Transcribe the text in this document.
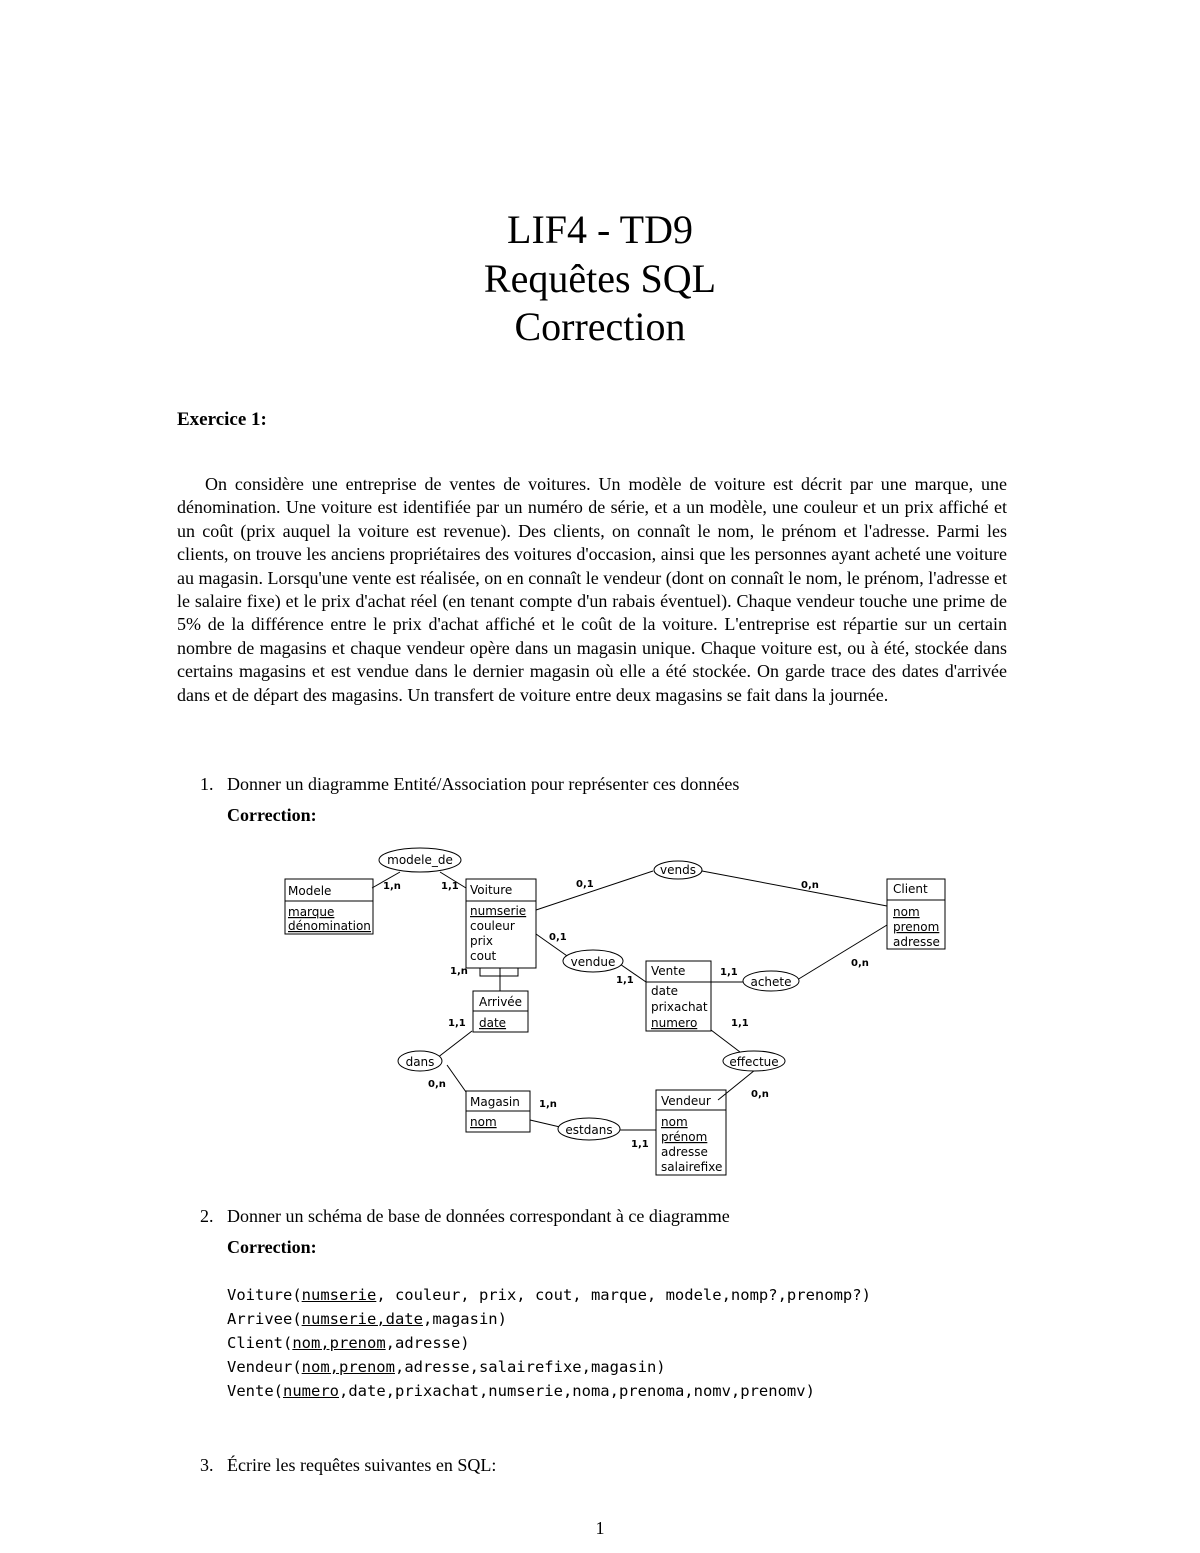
LIF4 - TD9
Requêtes SQL
Correction
Exercice 1:

On considère une entreprise de ventes de voitures. Un modèle de voiture est décrit par une marque, une dénomination. Une voiture est identifiée par un numéro de série, et a un modèle, une couleur et un prix affiché et un coût (prix auquel la voiture est revenue). Des clients, on connaît le nom, le prénom et l'adresse. Parmi les clients, on trouve les anciens propriétaires des voitures d'occasion, ainsi que les personnes ayant acheté une voiture au magasin. Lorsqu'une vente est réalisée, on en connaît le vendeur (dont on connaît le nom, le prénom, l'adresse et le salaire fixe) et le prix d'achat réel (en tenant compte d'un rabais éventuel). Chaque vendeur touche une prime de 5% de la différence entre le prix d'achat affiché et le coût de la voiture. L'entreprise est répartie sur un certain nombre de magasins et chaque vendeur opère dans un magasin unique. Chaque voiture est, ou à été, stockée dans certains magasins et est vendue dans le dernier magasin où elle a été stockée. On garde trace des dates d'arrivée dans et de départ des magasins. Un transfert de voiture entre deux magasins se fait dans la journée.

1. Donner un diagramme Entité/Association pour représenter ces données
Correction:
modele_de
vends
vendue
achete
dans	effectue
estdans
Modele
marque
dénomination
Voiture
numserie
couleur
prix
cout
Client
nom
prenom
adresse
Vente
date
prixachat
numero
Arrivée
date
Magasin
nom
Vendeur
nom
prénom
adresse
salairefixe
1,n	1,1	0,1	0,n
0,1
1,1
1,1
0,n
1,n
1,1
0,n
1,n
1,1
1,1
0,n
2. Donner un schéma de base de données correspondant à ce diagramme
Correction:
Voiture(numserie, couleur, prix, cout, marque, modele,nomp?,prenomp?)
Arrivee(numserie,date,magasin)
Client(nom,prenom,adresse)
Vendeur(nom,prenom,adresse,salairefixe,magasin)
Vente(numero,date,prixachat,numserie,noma,prenoma,nomv,prenomv)
3. Écrire les requêtes suivantes en SQL:
1
